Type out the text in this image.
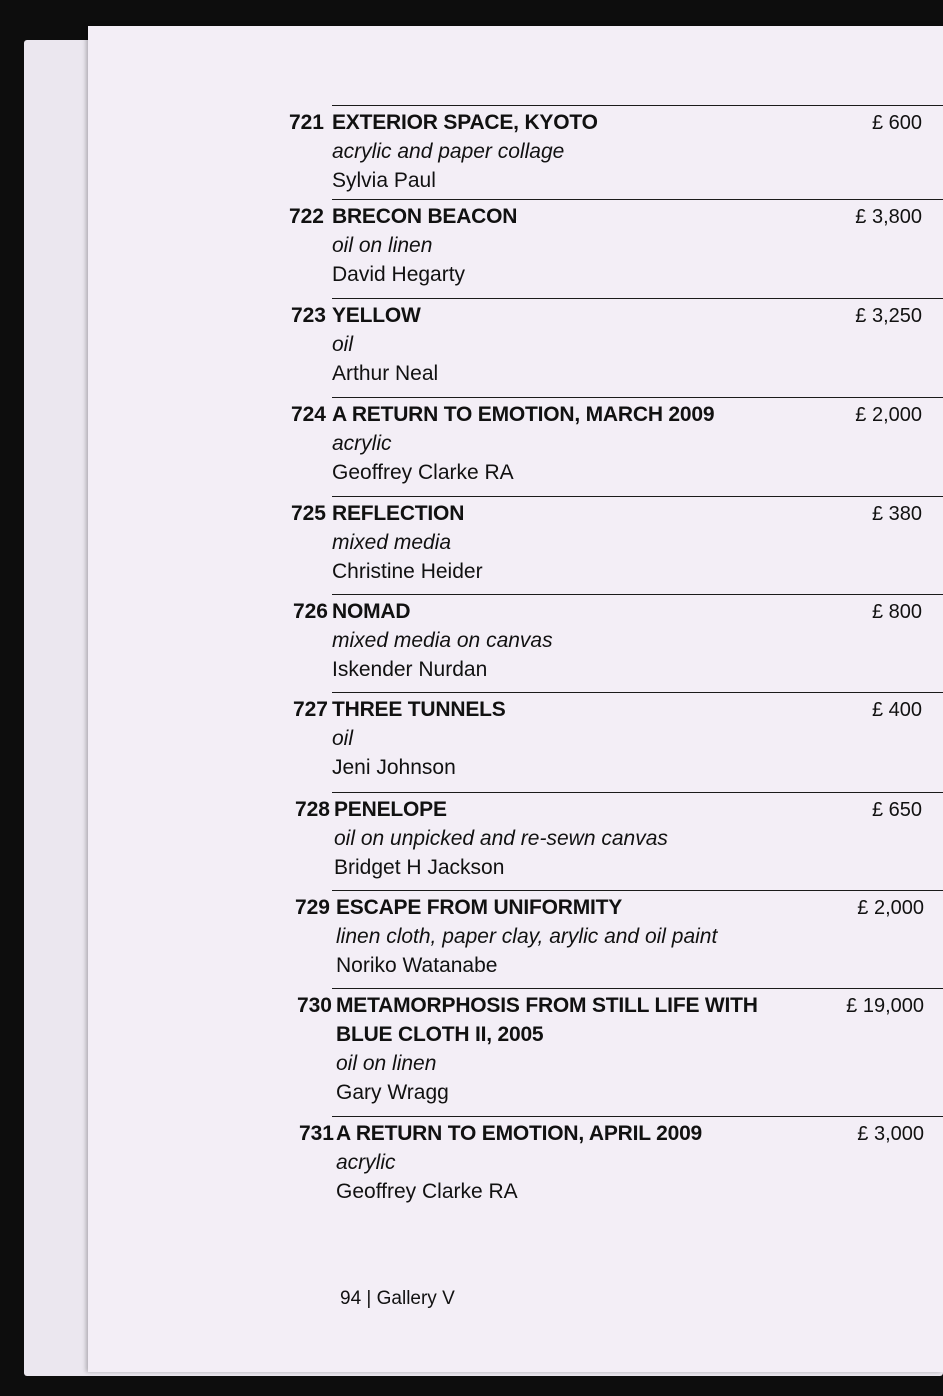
721 EXTERIOR SPACE, KYOTO
acrylic and paper collage
Sylvia Paul
£ 600
722 BRECON BEACON
oil on linen
David Hegarty
£ 3,800
723 YELLOW
oil
Arthur Neal
£ 3,250
724 A RETURN TO EMOTION, MARCH 2009
acrylic
Geoffrey Clarke RA
£ 2,000
725 REFLECTION
mixed media
Christine Heider
£ 380
726 NOMAD
mixed media on canvas
Iskender Nurdan
£ 800
727 THREE TUNNELS
oil
Jeni Johnson
£ 400
728 PENELOPE
oil on unpicked and re-sewn canvas
Bridget H Jackson
£ 650
729 ESCAPE FROM UNIFORMITY
linen cloth, paper clay, arylic and oil paint
Noriko Watanabe
£ 2,000
730 METAMORPHOSIS FROM STILL LIFE WITH
BLUE CLOTH II, 2005
oil on linen
Gary Wragg
£ 19,000
731 A RETURN TO EMOTION, APRIL 2009
acrylic
Geoffrey Clarke RA
£ 3,000
94 | Gallery V
